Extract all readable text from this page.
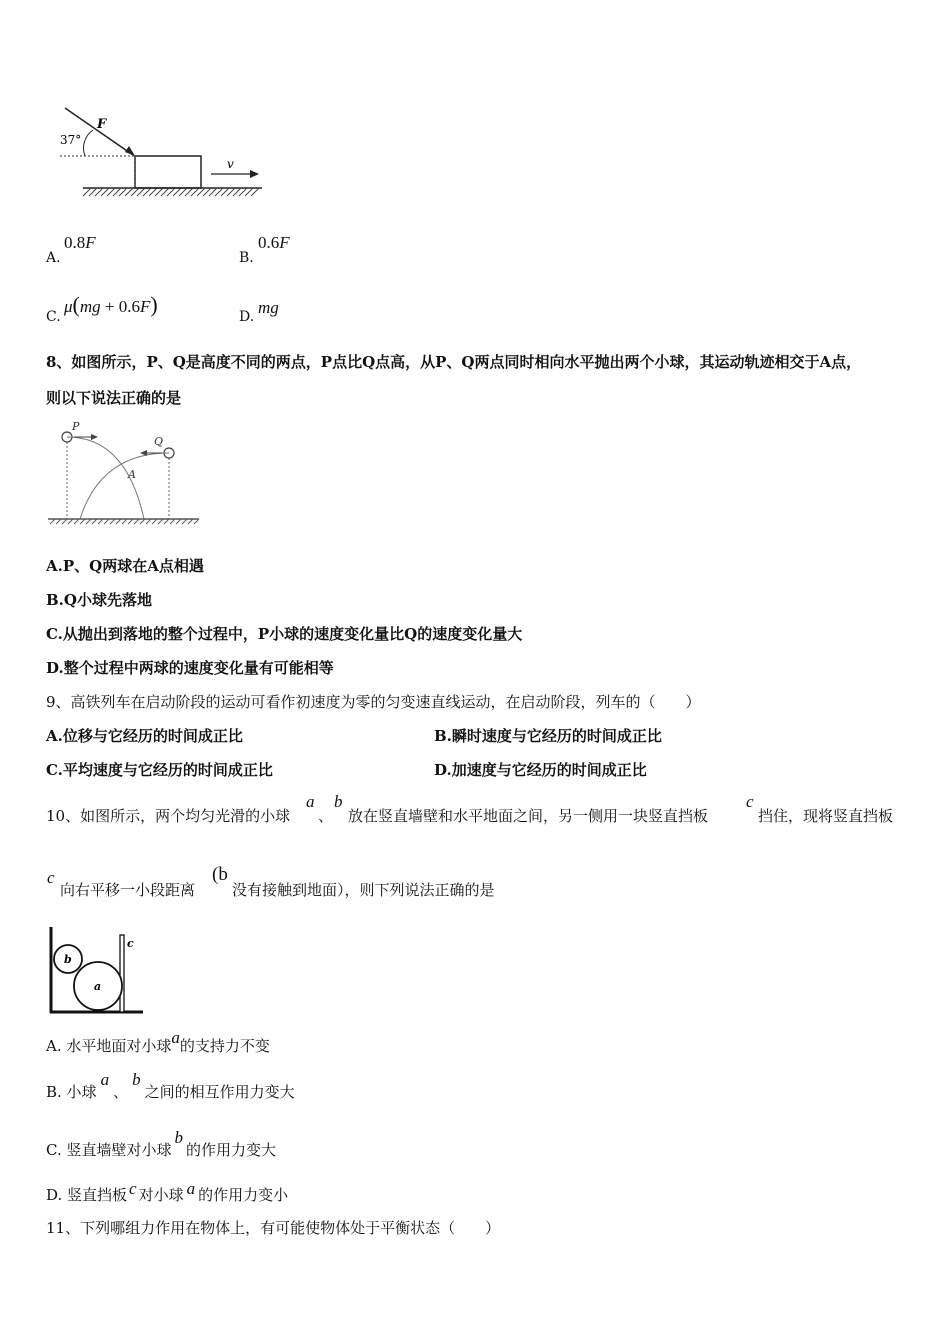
37°
F
v
A.
0.8F
B.
0.6F
C.
μ(mg + 0.6F)	D. mg
8、如图所示，P、Q是高度不同的两点，P点比Q点高，从P、Q两点同时相向水平抛出两个小球，其运动轨迹相交于A点，
则以下说法正确的是
P
Q
A
A.P、Q两球在A点相遇
B.Q小球先落地
C.从抛出到落地的整个过程中，P小球的速度变化量比Q的速度变化量大
D.整个过程中两球的速度变化量有可能相等
9、高铁列车在启动阶段的运动可看作初速度为零的匀变速直线运动，在启动阶段，列车的（　　）
A.位移与它经历的时间成正比	B.瞬时速度与它经历的时间成正比
C.平均速度与它经历的时间成正比	D.加速度与它经历的时间成正比
10、如图所示，两个均匀光滑的小球
a
、
b
放在竖直墙壁和水平地面之间，另一侧用一块竖直挡板
c
挡住，现将竖直挡板
c
向右平移一小段距离
(b
没有接触到地面），则下列说法正确的是
a
b
c
A. 水平地面对小球a的支持力不变
B. 小球a、b之间的相互作用力变大
C. 竖直墙壁对小球b的作用力变大
D. 竖直挡板 c 对小球 a 的作用力变小
11、下列哪组力作用在物体上，有可能使物体处于平衡状态（　　）
